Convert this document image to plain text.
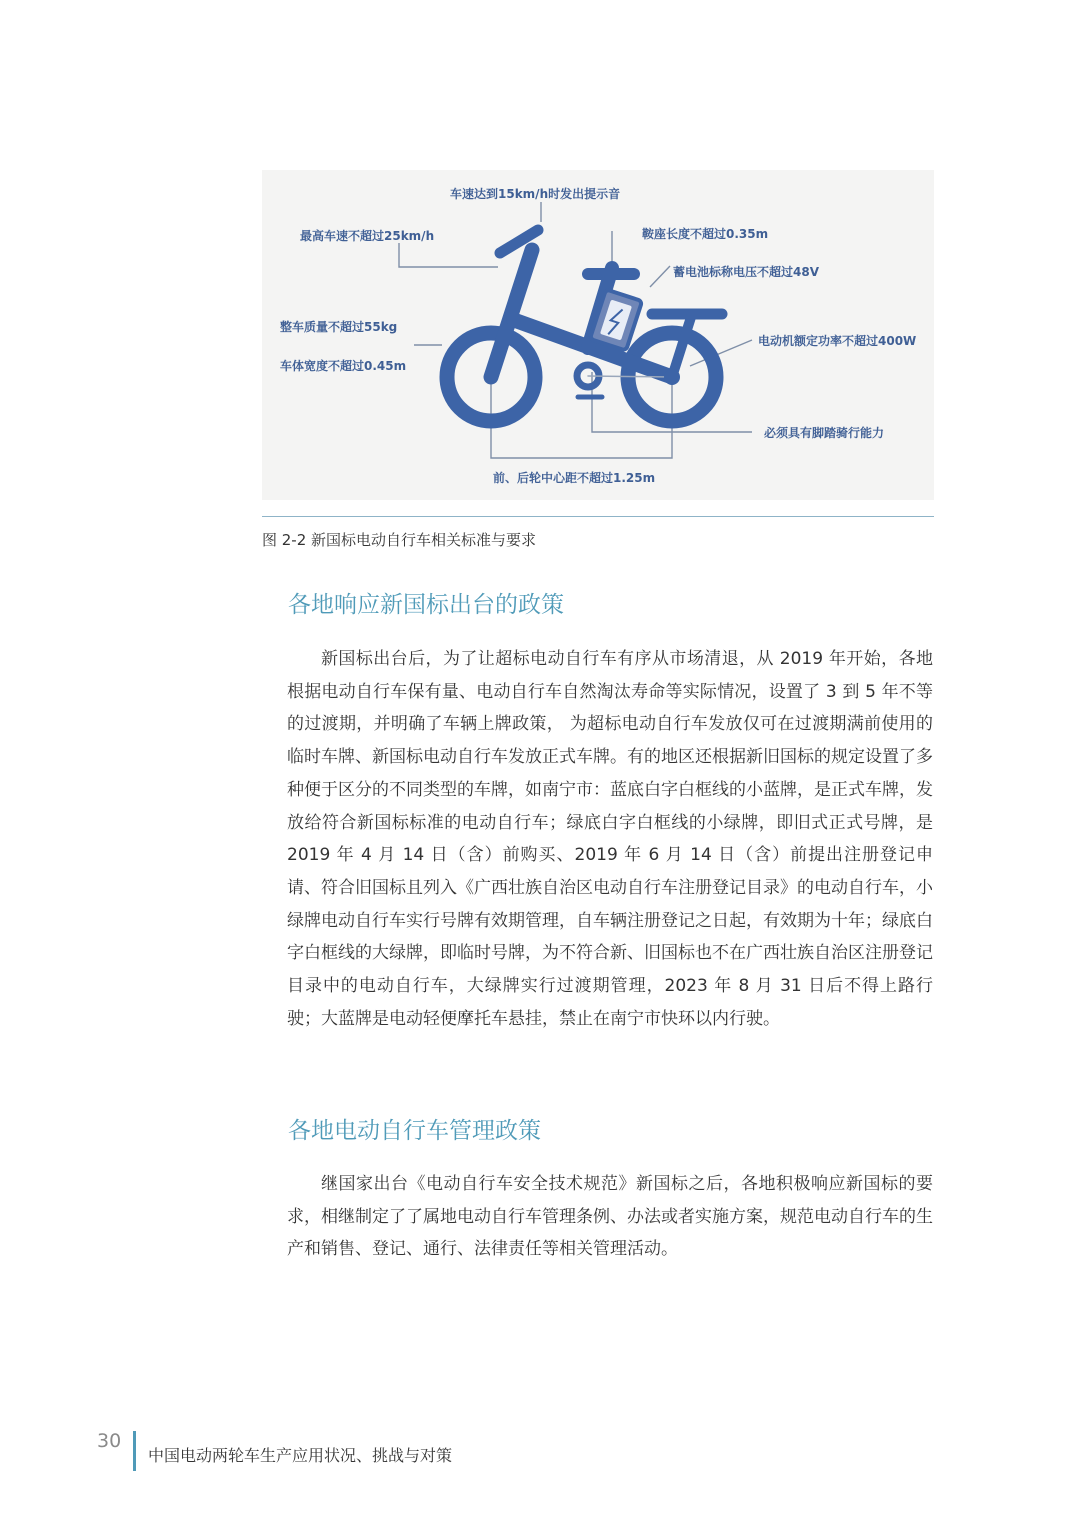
车速达到15km/h时发出提示音
最高车速不超过25km/h	鞍座长度不超过0.35m
蓄电池标称电压不超过48V
整车质量不超过55kg
车体宽度不超过0.45m
电动机额定功率不超过400W
必须具有脚踏骑行能力
前、后轮中心距不超过1.25m

图 2-2 新国标电动自行车相关标准与要求

各地响应新国标出台的政策

新国标出台后，为了让超标电动自行车有序从市场清退，从 2019 年开始，各地根据电动自行车保有量、电动自行车自然淘汰寿命等实际情况，设置了 3 到 5 年不等的过渡期，并明确了车辆上牌政策， 为超标电动自行车发放仅可在过渡期满前使用的临时车牌、新国标电动自行车发放正式车牌。有的地区还根据新旧国标的规定设置了多种便于区分的不同类型的车牌，如南宁市：蓝底白字白框线的小蓝牌，是正式车牌，发放给符合新国标标准的电动自行车；绿底白字白框线的小绿牌，即旧式正式号牌，是 2019 年 4 月 14 日（含）前购买、2019 年 6 月 14 日（含）前提出注册登记申请、符合旧国标且列入《广西壮族自治区电动自行车注册登记目录》的电动自行车，小绿牌电动自行车实行号牌有效期管理，自车辆注册登记之日起，有效期为十年；绿底白字白框线的大绿牌，即临时号牌，为不符合新、旧国标也不在广西壮族自治区注册登记目录中的电动自行车，大绿牌实行过渡期管理，2023 年 8 月 31 日后不得上路行驶；大蓝牌是电动轻便摩托车悬挂，禁止在南宁市快环以内行驶。

各地电动自行车管理政策

继国家出台《电动自行车安全技术规范》新国标之后，各地积极响应新国标的要求，相继制定了了属地电动自行车管理条例、办法或者实施方案，规范电动自行车的生产和销售、登记、通行、法律责任等相关管理活动。

30
中国电动两轮车生产应用状况、挑战与对策
